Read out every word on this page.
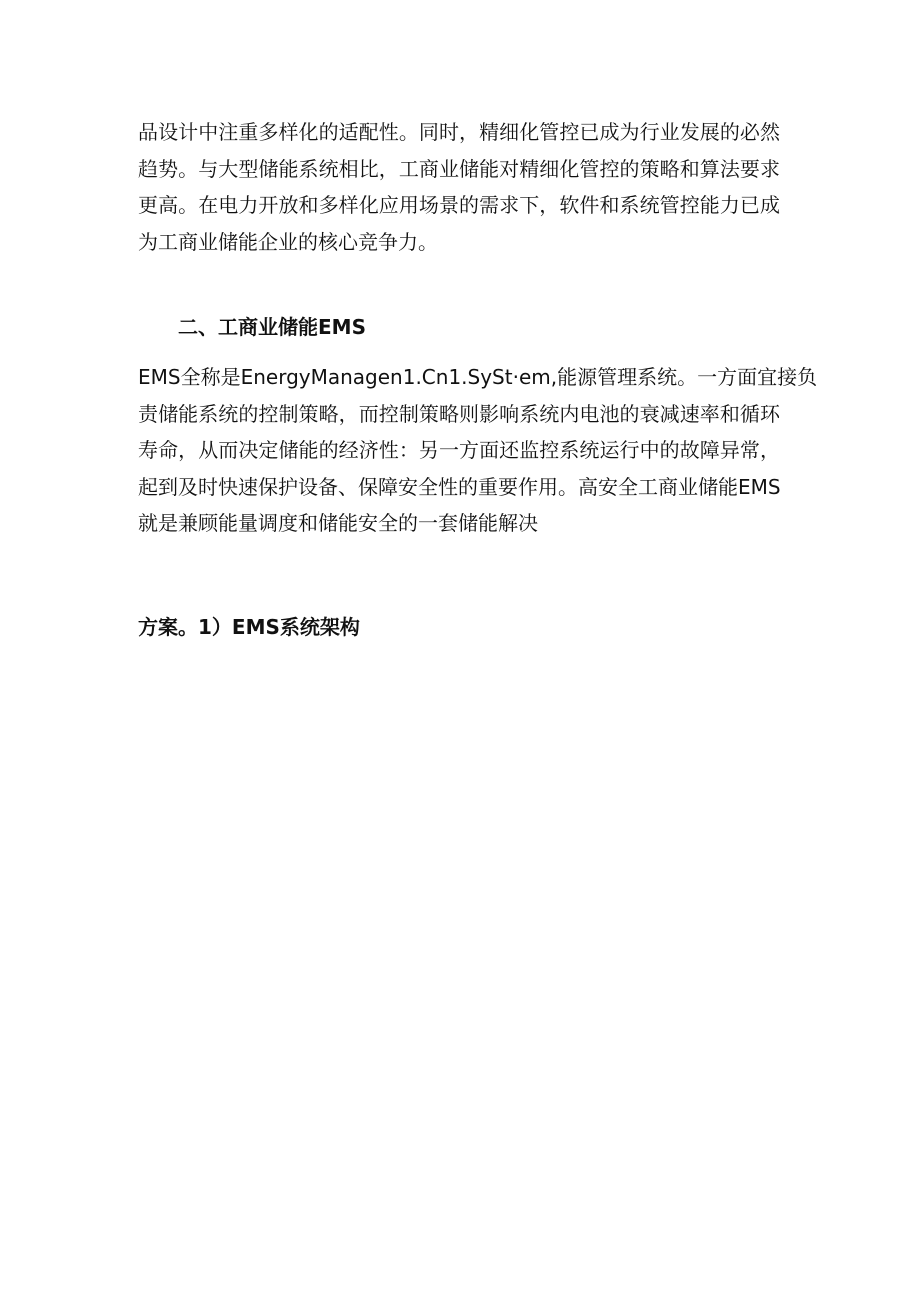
品设计中注重多样化的适配性。同时，精细化管控已成为行业发展的必然
趋势。与大型储能系统相比，工商业储能对精细化管控的策略和算法要求
更高。在电力开放和多样化应用场景的需求下，软件和系统管控能力已成
为工商业储能企业的核心竞争力。
二、工商业储能EMS
EMS全称是EnergyManagen1.Cn1.SySt·em,能源管理系统。一方面宜接负
责储能系统的控制策略，而控制策略则影响系统内电池的衰减速率和循环
寿命，从而决定储能的经济性：另一方面还监控系统运行中的故障异常，
起到及时快速保护设备、保障安全性的重要作用。高安全工商业储能EMS
就是兼顾能量调度和储能安全的一套储能解决
方案。1）EMS系统架构
